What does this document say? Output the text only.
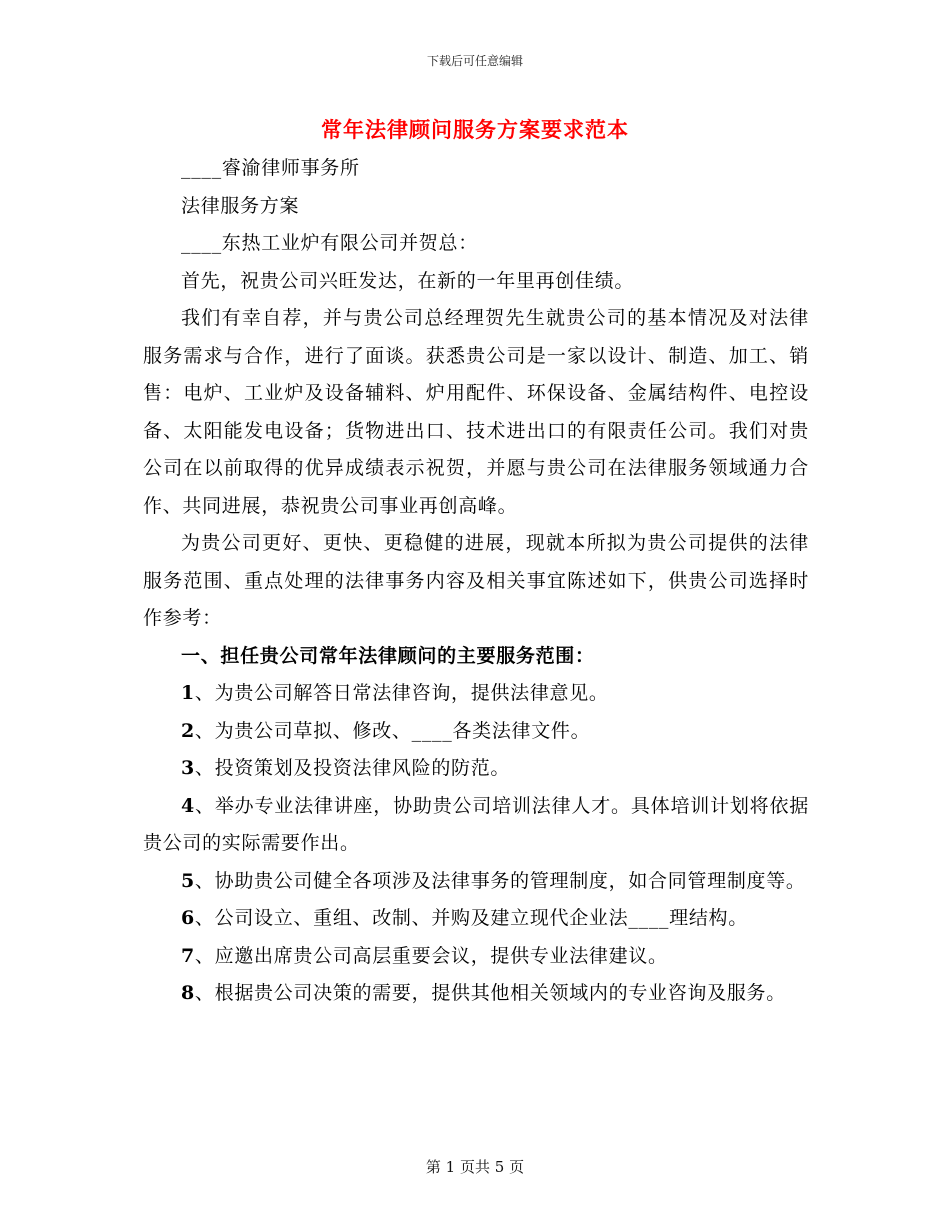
下载后可任意编辑
常年法律顾问服务方案要求范本

____睿渝律师事务所

法律服务方案

____东热工业炉有限公司并贺总：

首先，祝贵公司兴旺发达，在新的一年里再创佳绩。

我们有幸自荐，并与贵公司总经理贺先生就贵公司的基本情况及对法律服务需求与合作，进行了面谈。获悉贵公司是一家以设计、制造、加工、销售：电炉、工业炉及设备辅料、炉用配件、环保设备、金属结构件、电控设备、太阳能发电设备；货物进出口、技术进出口的有限责任公司。我们对贵公司在以前取得的优异成绩表示祝贺，并愿与贵公司在法律服务领域通力合作、共同进展，恭祝贵公司事业再创高峰。

为贵公司更好、更快、更稳健的进展，现就本所拟为贵公司提供的法律服务范围、重点处理的法律事务内容及相关事宜陈述如下，供贵公司选择时作参考：

一、担任贵公司常年法律顾问的主要服务范围：

1、为贵公司解答日常法律咨询，提供法律意见。

2、为贵公司草拟、修改、____各类法律文件。

3、投资策划及投资法律风险的防范。

4、举办专业法律讲座，协助贵公司培训法律人才。具体培训计划将依据贵公司的实际需要作出。

5、协助贵公司健全各项涉及法律事务的管理制度，如合同管理制度等。

6、公司设立、重组、改制、并购及建立现代企业法____理结构。

7、应邀出席贵公司高层重要会议，提供专业法律建议。

8、根据贵公司决策的需要，提供其他相关领域内的专业咨询及服务。

第 1 页共 5 页
